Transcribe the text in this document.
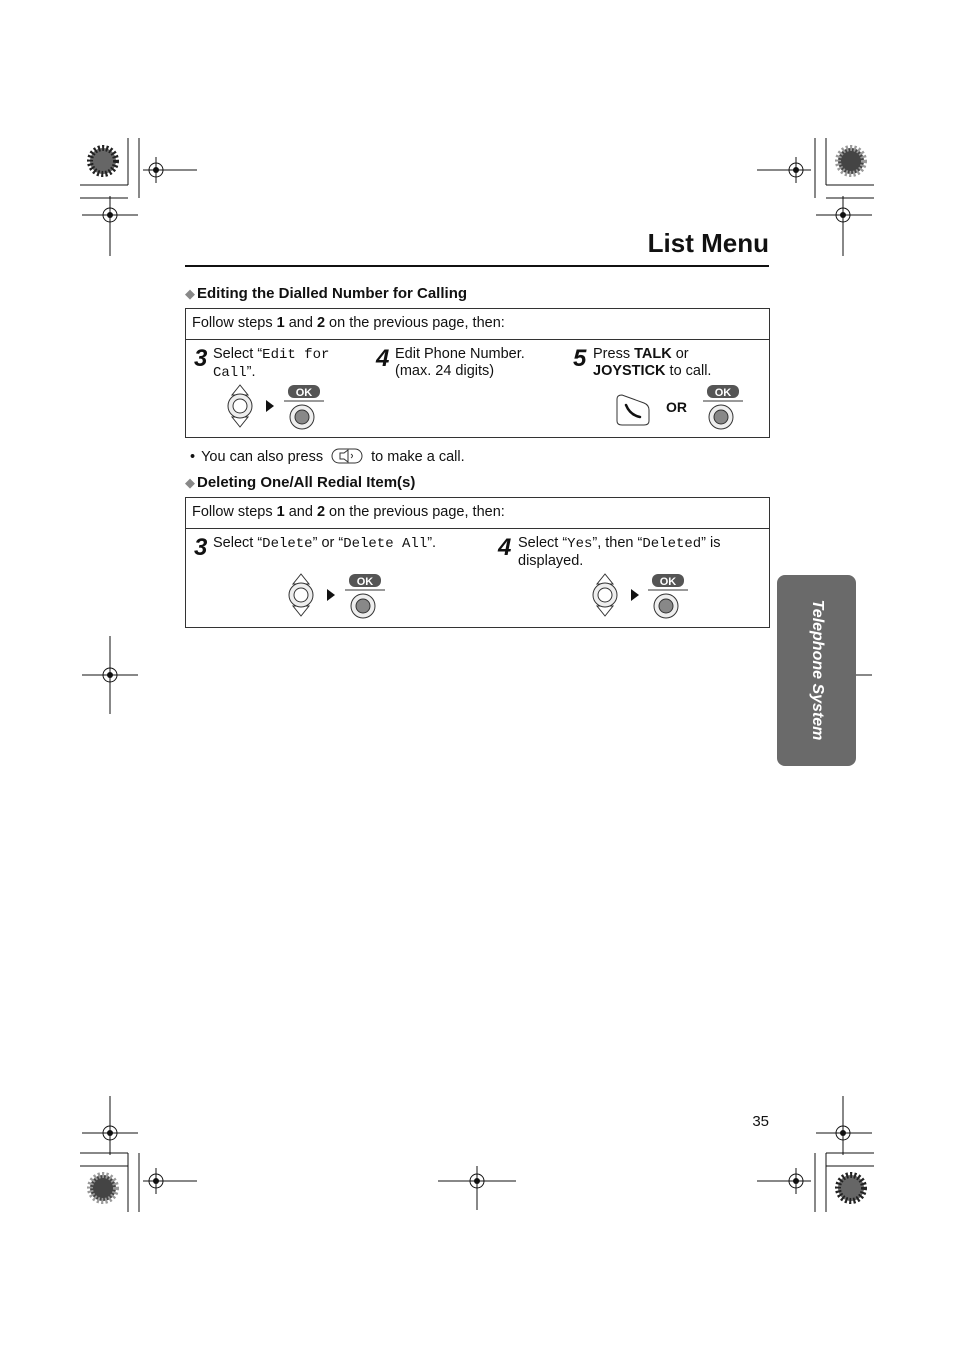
Telephone System
List Menu
◆ Editing the Dialled Number for Calling
Follow steps 1 and 2 on the previous page, then:
3 Select “Edit for
Call”.
OK
4 Edit Phone Number.
(max. 24 digits)	5 Press TALK or
JOYSTICK to call.
OR
OK
• You can also press	to make a call.
◆ Deleting One/All Redial Item(s)
Follow steps 1 and 2 on the previous page, then:
3 Select “Delete” or “Delete All”.
OK
4 Select “Yes”, then “Deleted” is
displayed.
OK
35
